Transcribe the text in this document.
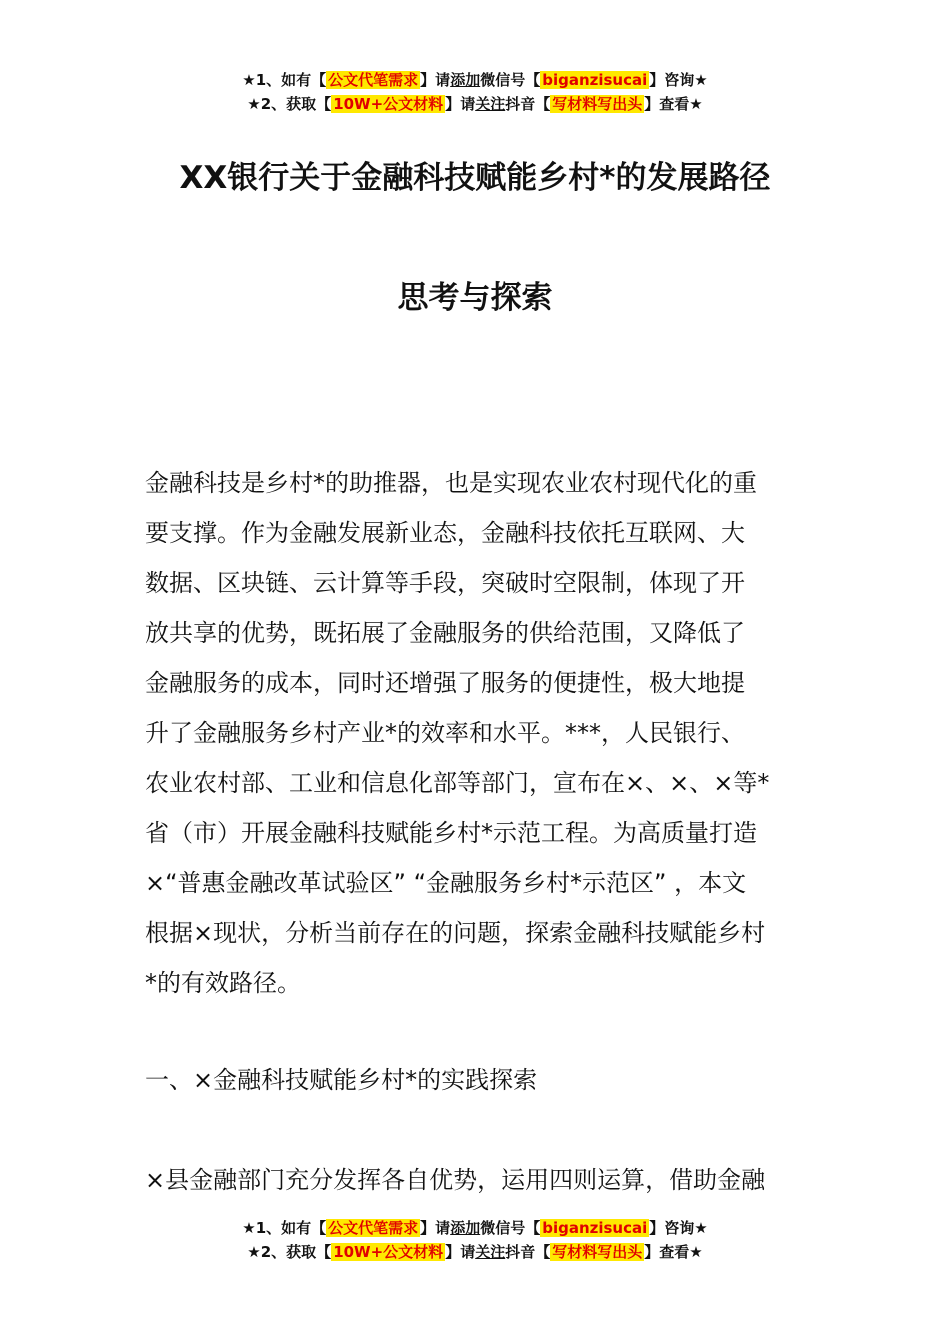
★1、如有【 公文代笔需求 】请添加微信号【 biganzisucai 】咨询★
★2、获取【 10W+公文材料 】请关注抖音【 写材料写出头 】查看★
XX银行关于金融科技赋能乡村*的发展路径
思考与探索
金融科技是乡村*的助推器，也是实现农业农村现代化的重
要支撑。作为金融发展新业态，金融科技依托互联网、大
数据、区块链、云计算等手段，突破时空限制，体现了开
放共享的优势，既拓展了金融服务的供给范围，又降低了
金融服务的成本，同时还增强了服务的便捷性，极大地提
升了金融服务乡村产业*的效率和水平。***，人民银行、
农业农村部、工业和信息化部等部门，宣布在×、×、×等*
省（市）开展金融科技赋能乡村*示范工程。为高质量打造
×“普惠金融改革试验区” “金融服务乡村*示范区” ，本文
根据×现状，分析当前存在的问题，探索金融科技赋能乡村
*的有效路径。
一、×金融科技赋能乡村*的实践探索
×县金融部门充分发挥各自优势，运用四则运算，借助金融
★1、如有【 公文代笔需求 】请添加微信号【 biganzisucai 】咨询★
★2、获取【 10W+公文材料 】请关注抖音【 写材料写出头 】查看★
